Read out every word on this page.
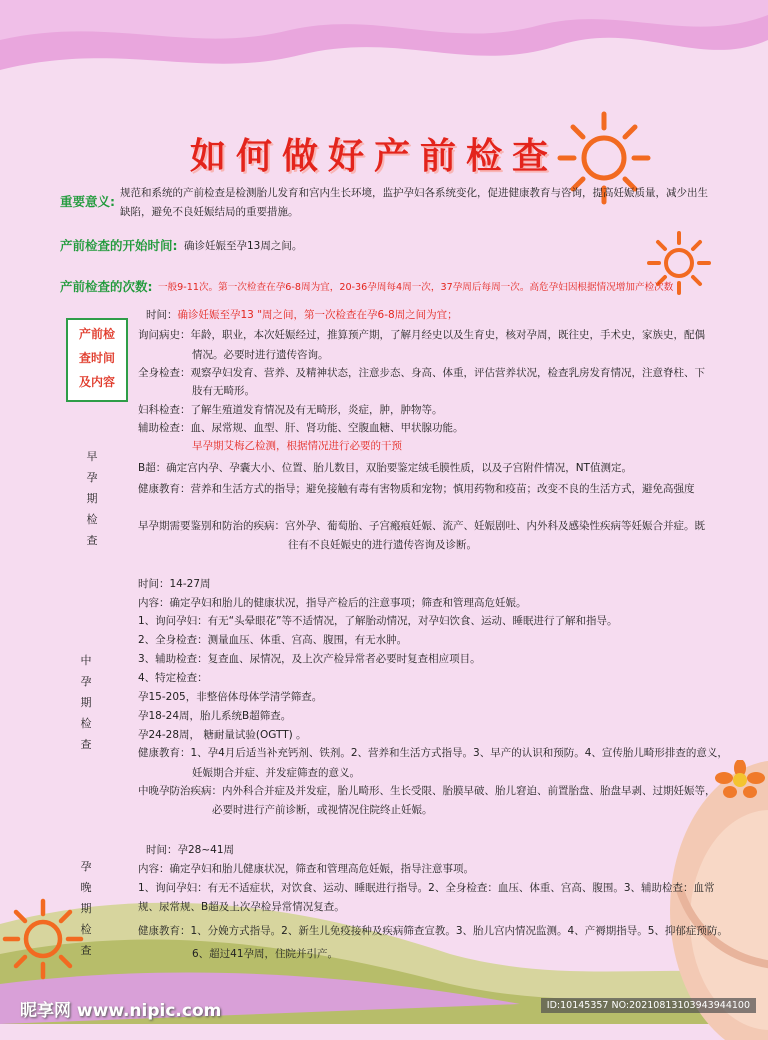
如何做好产前检查
重要意义:
规范和系统的产前检查是检测胎儿发育和宫内生长环境，监护孕妇各系统变化，促进健康教育与咨询，提高妊娠质量，减少出生
缺陷，避免不良妊娠结局的重要措施。
产前检查的开始时间: 确诊妊娠至孕13周之间。
产前检查的次数: 一般9-11次。第一次检查在孕6-8周为宜，20-36孕周每4周一次，37孕周后每周一次。高危孕妇因根据情况增加产检次数
产前检
查时间
及内容
早
孕
期
检
查
时间：确诊妊娠至孕13 "周之间，第一次检查在孕6-8周之间为宜；
询问病史：年龄，职业，本次妊娠经过，推算预产期，了解月经史以及生育史，核对孕周，既往史，手术史，家族史，配偶
情况。必要时进行遗传咨询。
全身检查：观察孕妇发育、营养、及精神状态，注意步态、身高、体重，评估营养状况，检查乳房发育情况，注意脊柱、下
肢有无畸形。
妇科检查：了解生殖道发育情况及有无畸形，炎症，肿，肿物等。
辅助检查：血、尿常规、血型、肝、肾功能、空腹血糖、甲状腺功能。
早孕期艾梅乙检测，根据情况进行必要的干预
B超：确定宫内孕、孕囊大小、位置、胎儿数目，双胎要鉴定绒毛膜性质，以及子宫附件情况，NT值测定。
健康教育：营养和生活方式的指导；避免接触有毒有害物质和宠物；慎用药物和疫苗；改变不良的生活方式，避免高强度
早孕期需要鉴别和防治的疾病：宫外孕、葡萄胎、子宫瘢痕妊娠、流产、妊娠剧吐、内外科及感染性疾病等妊娠合并症。既
往有不良妊娠史的进行遗传咨询及诊断。
中
孕
期
检
查
时间：14-27周
内容：确定孕妇和胎儿的健康状况，指导产检后的注意事项；筛查和管理高危妊娠。
1、询问孕妇：有无“头晕眼花”等不适情况，了解胎动情况，对孕妇饮食、运动、睡眠进行了解和指导。
2、全身检查：测量血压、体重、宫高、腹围，有无水肿。
3、辅助检查：复查血、尿情况，及上次产检异常者必要时复查相应项目。
4、特定检查：
孕15-205，非整倍体母体学清学筛查。
孕18-24周，胎儿系统B超筛查。
孕24-28周， 糖耐量试验(OGTT) 。
健康教育：1、孕4月后适当补充钙剂、铁剂。2、营养和生活方式指导。3、早产的认识和预防。4、宣传胎儿畸形排查的意义，
妊娠期合并症、并发症筛查的意义。
中晚孕防治疾病：内外科合并症及并发症，胎儿畸形、生长受限、胎膜早破、胎儿窘迫、前置胎盘、胎盘早剥、过期妊娠等，
必要时进行产前诊断，或视情况住院终止妊娠。
孕
晚
期
检
查
时间：孕28~41周
内容：确定孕妇和胎儿健康状况，筛查和管理高危妊娠，指导注意事项。
1、询问孕妇：有无不适症状，对饮食、运动、睡眠进行指导。2、全身检查：血压、体重、宫高、腹围。3、辅助检查：血常
规、尿常规、B超及上次孕检异常情况复查。
健康教育：1、分娩方式指导。2、新生儿免疫接种及疾病筛查宣教。3、胎儿宫内情况监测。4、产褥期指导。5、抑郁症预防。
6、超过41孕周，住院并引产。
昵享网 www.nipic.com	ID:10145357 NO:20210813103943944100
